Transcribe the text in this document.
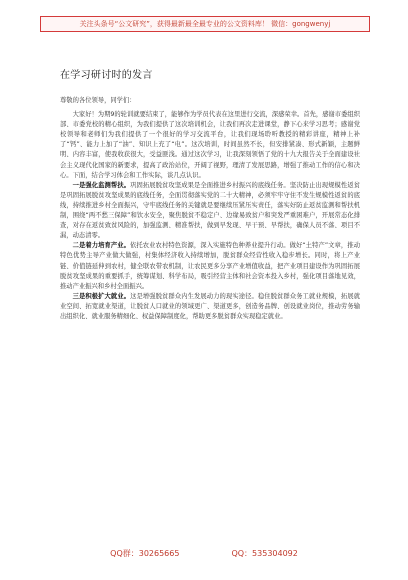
关注头条号“公文研究”，获得最新最全最专业的公文资料库！ 微信：gongwenyj
在学习研讨时的发言

尊敬的各位领导，同学们：

大家好！为期9的轮训就要结束了，能够作为学员代表在这里进行交流，深感荣幸。首先，感谢市委组织部、市委党校的精心组织，为我们提供了这次培训机会，让我们再次走进课堂，静下心来学习思考；感谢党校领导和老师们为我们提供了一个很好的学习交流平台，让我们现场聆听教授的精彩讲座，精神上补了“钙”、能力上加了“油”、知识上充了“电”。这次培训，时间虽然不长，但安排紧凑、形式新颖，主题鲜明、内容丰富，使我收获很大，受益匪浅。通过这次学习，让我深刻领悟了党的十九大报告关于全面建设社会主义现代化国家的新要求，提高了政治站位，开阔了视野，理清了发展思路，增强了推动工作的信心和决心。下面，结合学习体会和工作实际，谈几点认识。

一是强化监测帮扶。巩固拓展脱贫攻坚成果是全面推进乡村振兴的底线任务。坚决防止出现规模性返贫是巩固拓展脱贫攻坚成果的底线任务，全面贯彻落实党的二十大精神，必须牢牢守住不发生规模性返贫的底线，持续推进乡村全面振兴，守牢底线任务的关键就是要继续压紧压实责任，落实好防止返贫监测和帮扶机制，围绕“两不愁三保障”和饮水安全，聚焦脱贫不稳定户、边缘易致贫户和突发严重困难户，开展常态化排查，对存在返贫致贫风险的，加强监测、精准帮扶，做到早发现、早干预、早帮扶，确保人员不落、项目不漏，动态清零。

二是着力培育产业。依托农业农村特色资源，深入实施特色种养业提升行动。做好“土特产”文章，推动特色优势主导产业做大做强，村集体经济收入持续增加，脱贫群众经营性收入稳步增长。同时，将上产业链、价值链延伸到农村，健全联农带农机制，让农民更多分享产业增值收益，把产业项目建设作为巩固拓展脱贫攻坚成果的重要抓手，统筹谋划、科学布局，吸引经营主体和社会资本投入乡村，强化项目落地见效，推动产业振兴和乡村全面振兴。

三是积极扩大就业。这是增强脱贫群众内生发展动力的现实途径。稳住脱贫群众务工就业规模，拓展就业空间、拓宽就业渠道，让脱贫人口就业的领域更广、渠道更多，创造务品牌、创设就业岗位，推动劳务输出组织化、就业服务精细化、权益保障制度化，帮助更多脱贫群众实现稳定就业。

QQ群：30265665	QQ：535304092
